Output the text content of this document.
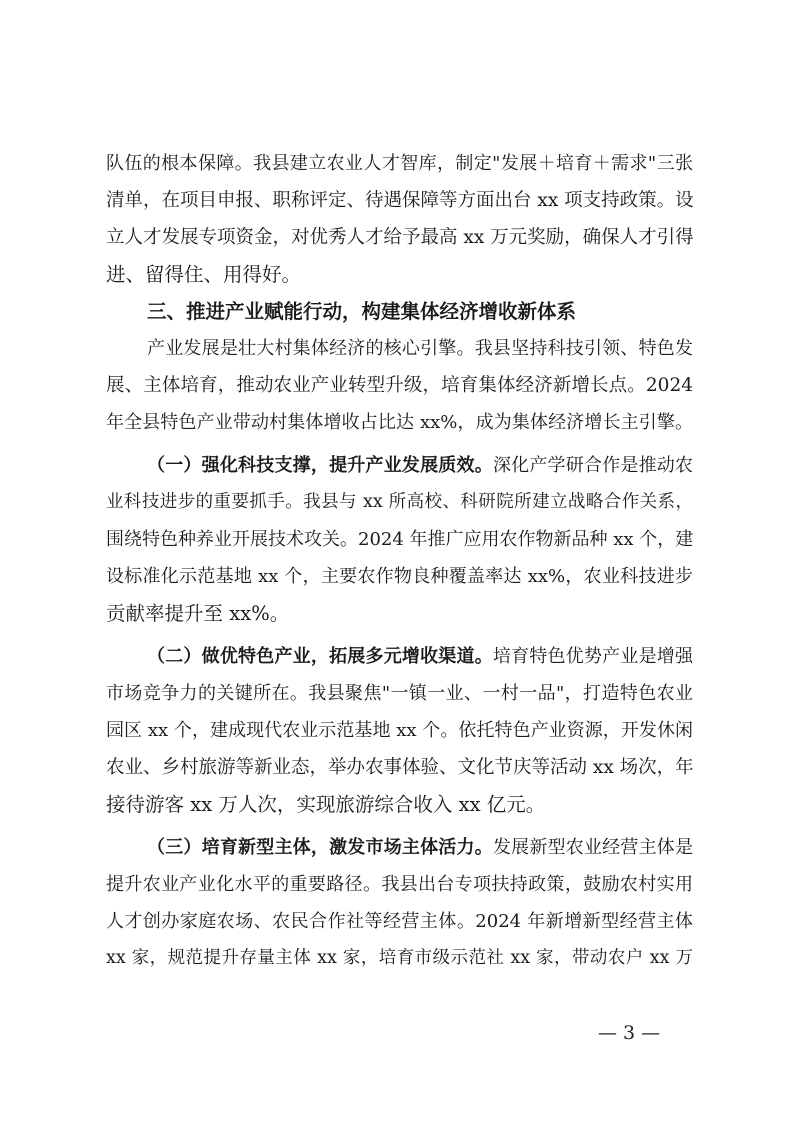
队伍的根本保障。我县建立农业人才智库，制定"发展＋培育＋需求"三张
清单，在项目申报、职称评定、待遇保障等方面出台 xx 项支持政策。设
立人才发展专项资金，对优秀人才给予最高 xx 万元奖励，确保人才引得
进、留得住、用得好。
三、推进产业赋能行动，构建集体经济增收新体系
产业发展是壮大村集体经济的核心引擎。我县坚持科技引领、特色发
展、主体培育，推动农业产业转型升级，培育集体经济新增长点。2024
年全县特色产业带动村集体增收占比达 xx%，成为集体经济增长主引擎。
（一）强化科技支撑，提升产业发展质效。深化产学研合作是推动农
业科技进步的重要抓手。我县与 xx 所高校、科研院所建立战略合作关系，
围绕特色种养业开展技术攻关。2024 年推广应用农作物新品种 xx 个，建
设标准化示范基地 xx 个，主要农作物良种覆盖率达 xx%，农业科技进步
贡献率提升至 xx%。
（二）做优特色产业，拓展多元增收渠道。培育特色优势产业是增强
市场竞争力的关键所在。我县聚焦"一镇一业、一村一品"，打造特色农业
园区 xx 个，建成现代农业示范基地 xx 个。依托特色产业资源，开发休闲
农业、乡村旅游等新业态，举办农事体验、文化节庆等活动 xx 场次，年
接待游客 xx 万人次，实现旅游综合收入 xx 亿元。
（三）培育新型主体，激发市场主体活力。发展新型农业经营主体是
提升农业产业化水平的重要路径。我县出台专项扶持政策，鼓励农村实用
人才创办家庭农场、农民合作社等经营主体。2024 年新增新型经营主体
xx 家，规范提升存量主体 xx 家，培育市级示范社 xx 家，带动农户 xx 万
— 3 —
